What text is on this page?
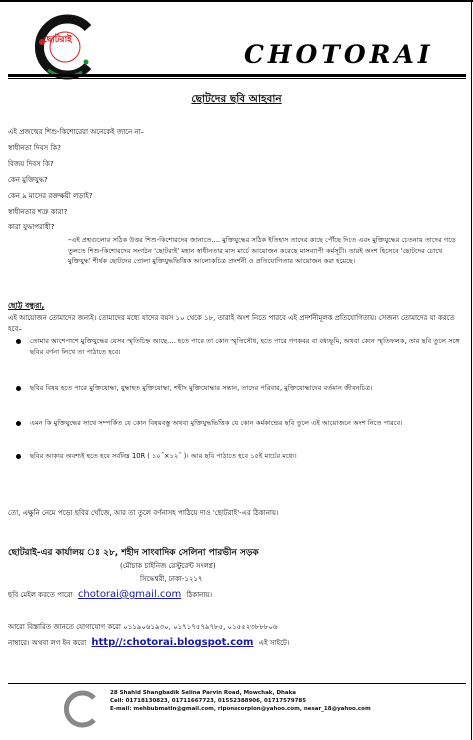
ছোটরাই	CHOTORAI
ছোটদের ছবি আহবান
এই প্রজন্মের শিশু-কিশোরেরা অনেকেই জানে না–
স্বাধীনতা দিবস কি?
বিজয় দিবস কি?
কেন মুক্তিযুদ্ধ?
কেন ৯ মাসের রক্তক্ষয়ী লড়াই?
স্বাধীনতার শত্রু কারা?
কারা যুদ্ধাপরাধী?
–এই প্রশ্নগুলোর সঠিক উত্তর শিশু-কিশোরদের জানাতে.... মুক্তিযুদ্ধের সঠিক ইতিহাস তাদের কাছে পৌঁছে দিতে এবং মুক্তিযুদ্ধের চেতনায় তাদের গড়ে তুলতে শিশু-কিশোরদের সংগঠন 'ছোটরাই' মহান স্বাধীনতার মাস মার্চে আয়োজন করেছে মাসব্যাপী কর্মসূচী। তারই অংশ হিসেবে 'ছোটদের চোখে মুক্তিযুদ্ধ' শীর্ষক ছোটদের তোলা মুক্তিযুদ্ধভিত্তিক আলোকচিত্র প্রদর্শনী ও প্রতিযোগিতার আয়োজন করা হয়েছে।
ছোট্ট বন্ধুরা,
এই আয়োজন তোমাদের জন্যই। তোমাদের মধ্যে যাদের বয়স ১০ থেকে ১৮, তারাই অংশ নিতে পারবে এই প্রদর্শনীমূলক প্রতিযোগিতায়। সেজন্য তোমাদের যা করতে হবে–
তোমার আশেপাশে মুক্তিযুদ্ধের যেসব স্মৃতিচিহ্ন আছে.... হতে পারে তা কোন স্মৃতিসৌধ, হতে পারে গণকবর বা বধ্যভূমি, অথবা কোন স্মৃতিফলক, তার ছবি তুলে সঙ্গে ছবির বর্ণনা লিখে তা পাঠাতে হবে।
ছবির বিষয় হতে পারে মুক্তিযোদ্ধা, যুদ্ধাহত মুক্তিযোদ্ধা, শহীদ মুক্তিযোদ্ধার সন্তান, তাদের পরিবার, মুক্তিযোদ্ধাদের বর্তমান জীবনচিত্র।
এমন কি মুক্তিযুদ্ধের সাথে সম্পর্কিত যে কোন বিষয়বস্তু অথবা মুক্তিযুদ্ধভিত্তিক যে কোন কর্মকান্ডের ছবি তুলে এই আয়োজনে অংশ নিতে পারবে।
ছবির আকার অবশ্যই হতে হবে সর্বনিম্ন 10R ( ১০˝×১২˝ )। আর ছবি পাঠাতে হবে ১৫ই মার্চের মধ্যে।
তো, এক্ষুনি নেমে পড়ো ছবির খোঁজে, আর তা তুলে বর্ণনাসহ পাঠিয়ে দাও 'ছোটরাই'-এর ঠিকানায়।
ছোটরাই-এর কার্যালয় ঃ ২৮, শহীদ সাংবাদিক সেলিনা পারভীন সড়ক
(মৌচাক চাইনিজ রেস্টুরেন্ট সংলগ্ন)
সিদ্ধেশ্বরী, ঢাকা-১২১৭
ছবি মেইল করতে পারো chotorai@gmail.com ঠিকানায়।
আরো বিস্তারিত জানতে যোগাযোগ করো ০১১৯০৬১৯৩০, ০১৭১৭৫৭৯৭৮৫, ০১৫৫২৩৮৮৮০৬
নাম্বারে। অথবা লগ ইন করো http//:chotorai.blogspot.com এই সাইটে।
28 Shahid Shangbadik Selina Parvin Road, Mowchak, Dhaka
Cell: 01718130823, 01711667723, 01552388906, 01717579785
E-mail: mehbubmatin@gmail.com, riponscorpion@yahoo.com, nesar_18@yahoo.com
